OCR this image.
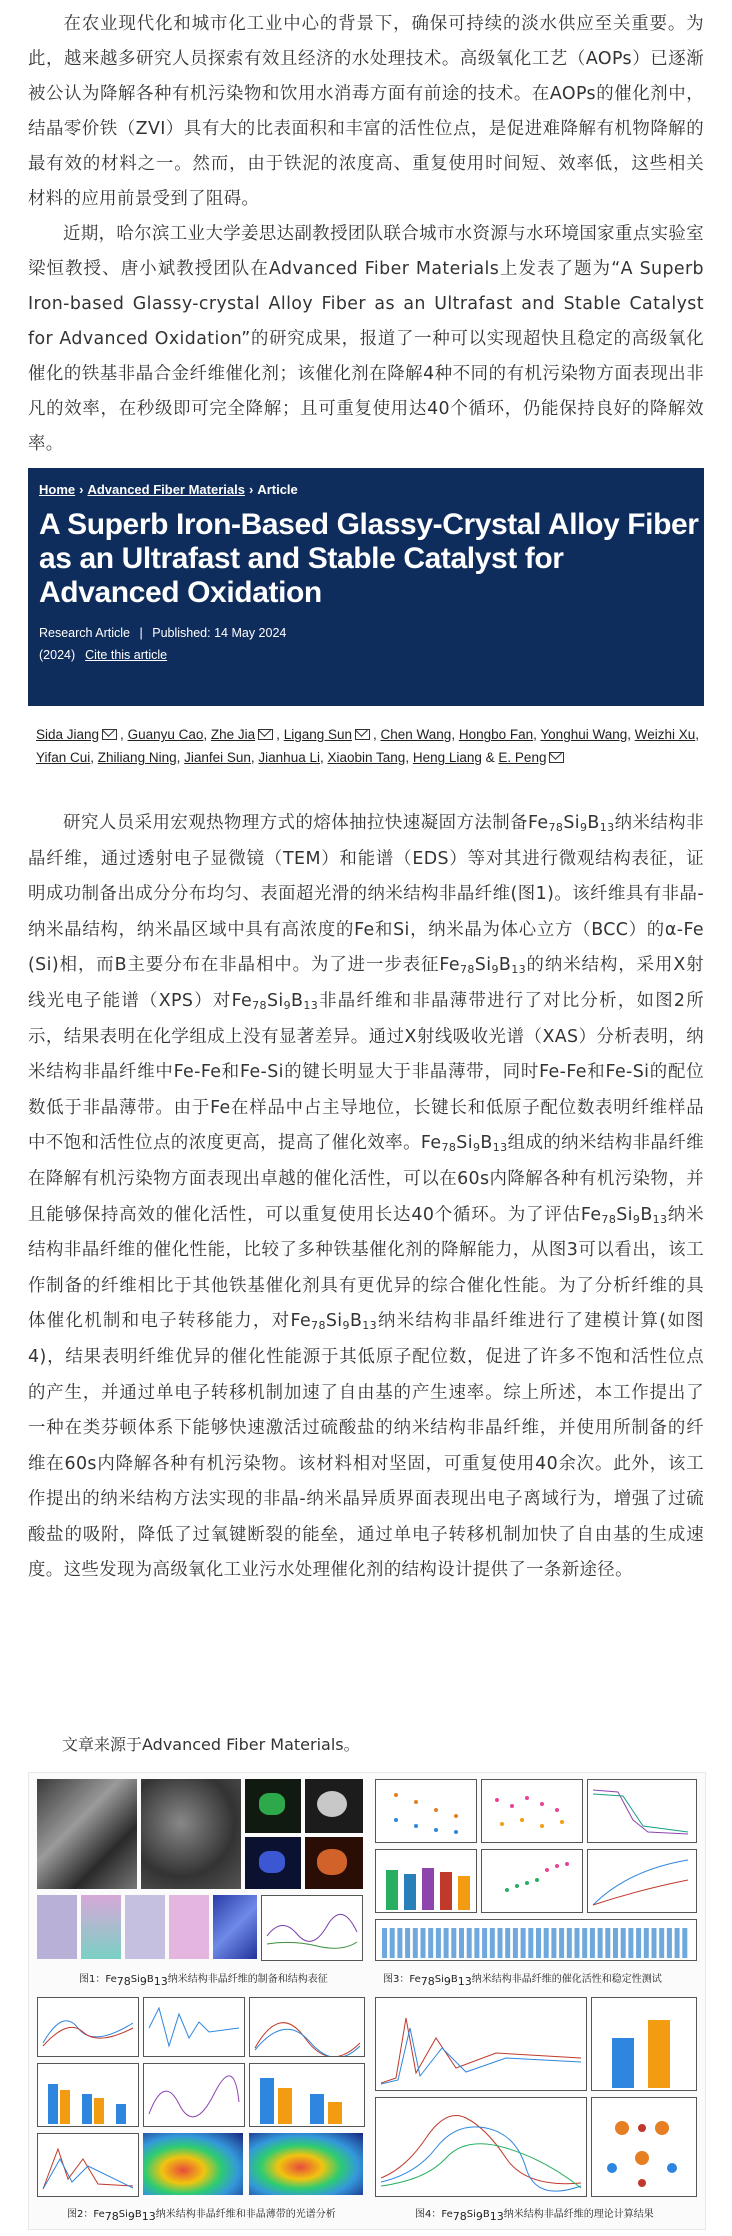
在农业现代化和城市化工业中心的背景下，确保可持续的淡水供应至关重要。为此，越来越多研究人员探索有效且经济的水处理技术。高级氧化工艺（AOPs）已逐渐被公认为降解各种有机污染物和饮用水消毒方面有前途的技术。在AOPs的催化剂中，结晶零价铁（ZVI）具有大的比表面积和丰富的活性位点，是促进难降解有机物降解的最有效的材料之一。然而，由于铁泥的浓度高、重复使用时间短、效率低，这些相关材料的应用前景受到了阻碍。

近期，哈尔滨工业大学姜思达副教授团队联合城市水资源与水环境国家重点实验室梁恒教授、唐小斌教授团队在Advanced Fiber Materials上发表了题为“A Superb Iron-based Glassy-crystal Alloy Fiber as an Ultrafast and Stable Catalyst for Advanced Oxidation”的研究成果，报道了一种可以实现超快且稳定的高级氧化催化的铁基非晶合金纤维催化剂；该催化剂在降解4种不同的有机污染物方面表现出非凡的效率，在秒级即可完全降解；且可重复使用达40个循环，仍能保持良好的降解效率。

Home › Advanced Fiber Materials › Article
A Superb Iron-Based Glassy-Crystal Alloy Fiber as an Ultrafast and Stable Catalyst for Advanced Oxidation
Research Article | Published: 14 May 2024
(2024) Cite this article
Sida Jiang , Guanyu Cao, Zhe Jia , Ligang Sun , Chen Wang, Hongbo Fan, Yonghui Wang, Weizhi Xu, Yifan Cui, Zhiliang Ning, Jianfei Sun, Jianhua Li, Xiaobin Tang, Heng Liang & E. Peng

研究人员采用宏观热物理方式的熔体抽拉快速凝固方法制备$Fe_{78}Si_9B_{13}$纳米结构非晶纤维，通过透射电子显微镜（TEM）和能谱（EDS）等对其进行微观结构表征，证明成功制备出成分分布均匀、表面超光滑的纳米结构非晶纤维(图1)。该纤维具有非晶-纳米晶结构，纳米晶区域中具有高浓度的Fe和Si，纳米晶为体心立方（BCC）的α-Fe (Si)相，而B主要分布在非晶相中。为了进一步表征$Fe_{78}Si_9B_{13}$的纳米结构，采用X射线光电子能谱（XPS）对$Fe_{78}Si_9B_{13}$非晶纤维和非晶薄带进行了对比分析，如图2所示，结果表明在化学组成上没有显著差异。通过X射线吸收光谱（XAS）分析表明，纳米结构非晶纤维中Fe-Fe和Fe-Si的键长明显大于非晶薄带，同时Fe-Fe和Fe-Si的配位数低于非晶薄带。由于Fe在样品中占主导地位，长键长和低原子配位数表明纤维样品中不饱和活性位点的浓度更高，提高了催化效率。$Fe_{78}Si_9B_{13}$组成的纳米结构非晶纤维在降解有机污染物方面表现出卓越的催化活性，可以在60s内降解各种有机污染物，并且能够保持高效的催化活性，可以重复使用长达40个循环。为了评估$Fe_{78}Si_9B_{13}$纳米结构非晶纤维的催化性能，比较了多种铁基催化剂的降解能力，从图3可以看出，该工作制备的纤维相比于其他铁基催化剂具有更优异的综合催化性能。为了分析纤维的具体催化机制和电子转移能力，对$Fe_{78}Si_9B_{13}$纳米结构非晶纤维进行了建模计算(如图4)，结果表明纤维优异的催化性能源于其低原子配位数，促进了许多不饱和活性位点的产生，并通过单电子转移机制加速了自由基的产生速率。综上所述，本工作提出了一种在类芬顿体系下能够快速激活过硫酸盐的纳米结构非晶纤维，并使用所制备的纤维在60s内降解各种有机污染物。该材料相对坚固，可重复使用40余次。此外，该工作提出的纳米结构方法实现的非晶-纳米晶异质界面表现出电子离域行为，增强了过硫酸盐的吸附，降低了过氧键断裂的能垒，通过单电子转移机制加快了自由基的生成速度。这些发现为高级氧化工业污水处理催化剂的结构设计提供了一条新途径。

文章来源于Advanced Fiber Materials。

图1：$Fe_{78}Si_9B_{13}$纳米结构非晶纤维的制备和结构表征	图3：$Fe_{78}Si_9B_{13}$纳米结构非晶纤维的催化活性和稳定性测试
图2：$Fe_{78}Si_9B_{13}$纳米结构非晶纤维和非晶薄带的光谱分析	图4：$Fe_{78}Si_9B_{13}$纳米结构非晶纤维的理论计算结果
